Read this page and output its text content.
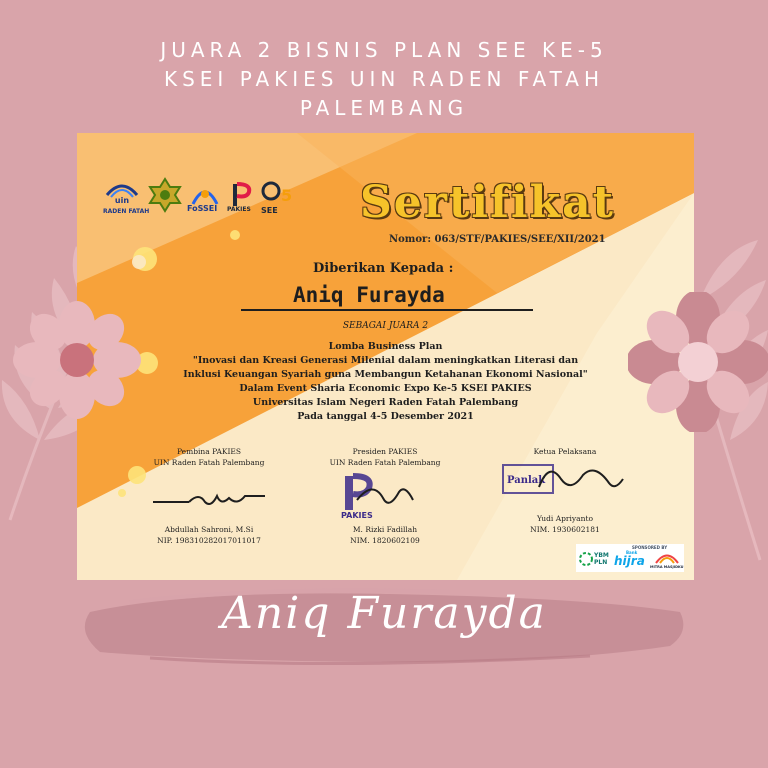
JUARA 2 BISNIS PLAN SEE KE-5
KSEI PAKIES UIN RADEN FATAH
PALEMBANG
uin
RADEN FATAH	FoSSEI PAKIES
5
SEE Sertifikat
Nomor: 063/STF/PAKIES/SEE/XII/2021
Diberikan Kepada :
Aniq Furayda
SEBAGAI JUARA 2
Lomba Business Plan
"Inovasi dan Kreasi Generasi Milenial dalam meningkatkan Literasi dan
Inklusi Keuangan Syariah guna Membangun Ketahanan Ekonomi Nasional"
Dalam Event Sharia Economic Expo Ke-5 KSEI PAKIES
Universitas Islam Negeri Raden Fatah Palembang
Pada tanggal 4-5 Desember 2021
Pembina PAKIES
UIN Raden Fatah Palembang
Abdullah Sahroni, M.Si
NIP. 198310282017011017
Presiden PAKIES
UIN Raden Fatah Palembang
PAKIES
M. Rizki Fadillah
NIM. 1820602109
Ketua Pelaksana
Panlak
Yudi Apriyanto
NIM. 1930602181
SPONSORED BY
YBM
PLN
Bank
hijra MITRA MASJIDKU
Aniq Furayda
